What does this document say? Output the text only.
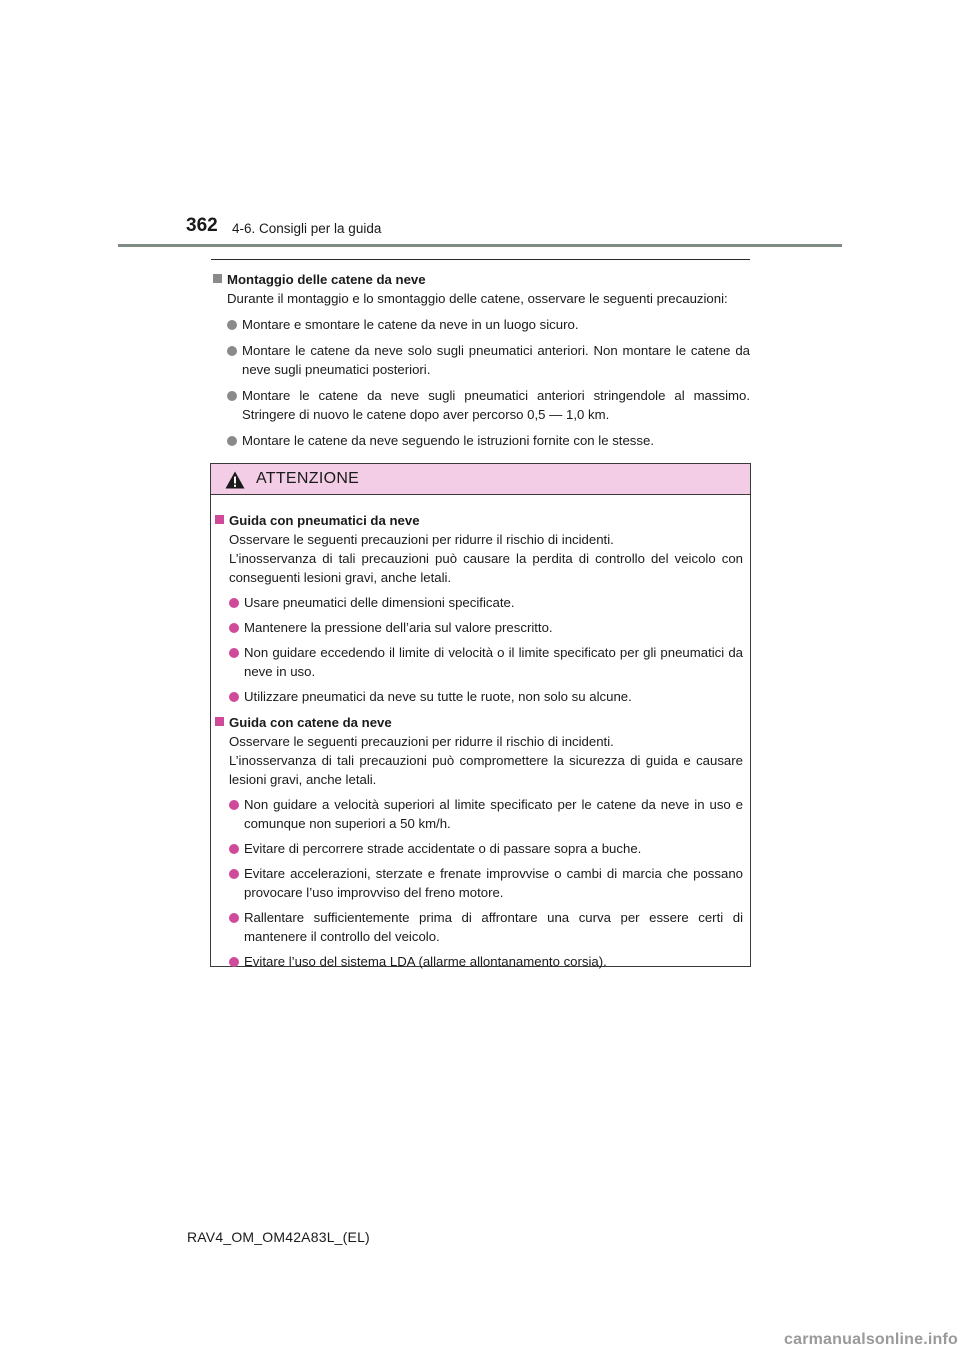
362 4-6. Consigli per la guida
Montaggio delle catene da neve
Durante il montaggio e lo smontaggio delle catene, osservare le seguenti precauzioni:
Montare e smontare le catene da neve in un luogo sicuro.
Montare le catene da neve solo sugli pneumatici anteriori. Non montare le catene da neve sugli pneumatici posteriori.
Montare le catene da neve sugli pneumatici anteriori stringendole al massimo. Stringere di nuovo le catene dopo aver percorso 0,5 — 1,0 km.
Montare le catene da neve seguendo le istruzioni fornite con le stesse.
ATTENZIONE
Guida con pneumatici da neve
Osservare le seguenti precauzioni per ridurre il rischio di incidenti.
L’inosservanza di tali precauzioni può causare la perdita di controllo del veicolo con conseguenti lesioni gravi, anche letali.
Usare pneumatici delle dimensioni specificate.
Mantenere la pressione dell’aria sul valore prescritto.
Non guidare eccedendo il limite di velocità o il limite specificato per gli pneumatici da neve in uso.
Utilizzare pneumatici da neve su tutte le ruote, non solo su alcune.
Guida con catene da neve
Osservare le seguenti precauzioni per ridurre il rischio di incidenti.
L’inosservanza di tali precauzioni può compromettere la sicurezza di guida e causare lesioni gravi, anche letali.
Non guidare a velocità superiori al limite specificato per le catene da neve in uso e comunque non superiori a 50 km/h.
Evitare di percorrere strade accidentate o di passare sopra a buche.
Evitare accelerazioni, sterzate e frenate improvvise o cambi di marcia che possano provocare l’uso improvviso del freno motore.
Rallentare sufficientemente prima di affrontare una curva per essere certi di mantenere il controllo del veicolo.
Evitare l’uso del sistema LDA (allarme allontanamento corsia).
RAV4_OM_OM42A83L_(EL)
carmanualsonline.info
